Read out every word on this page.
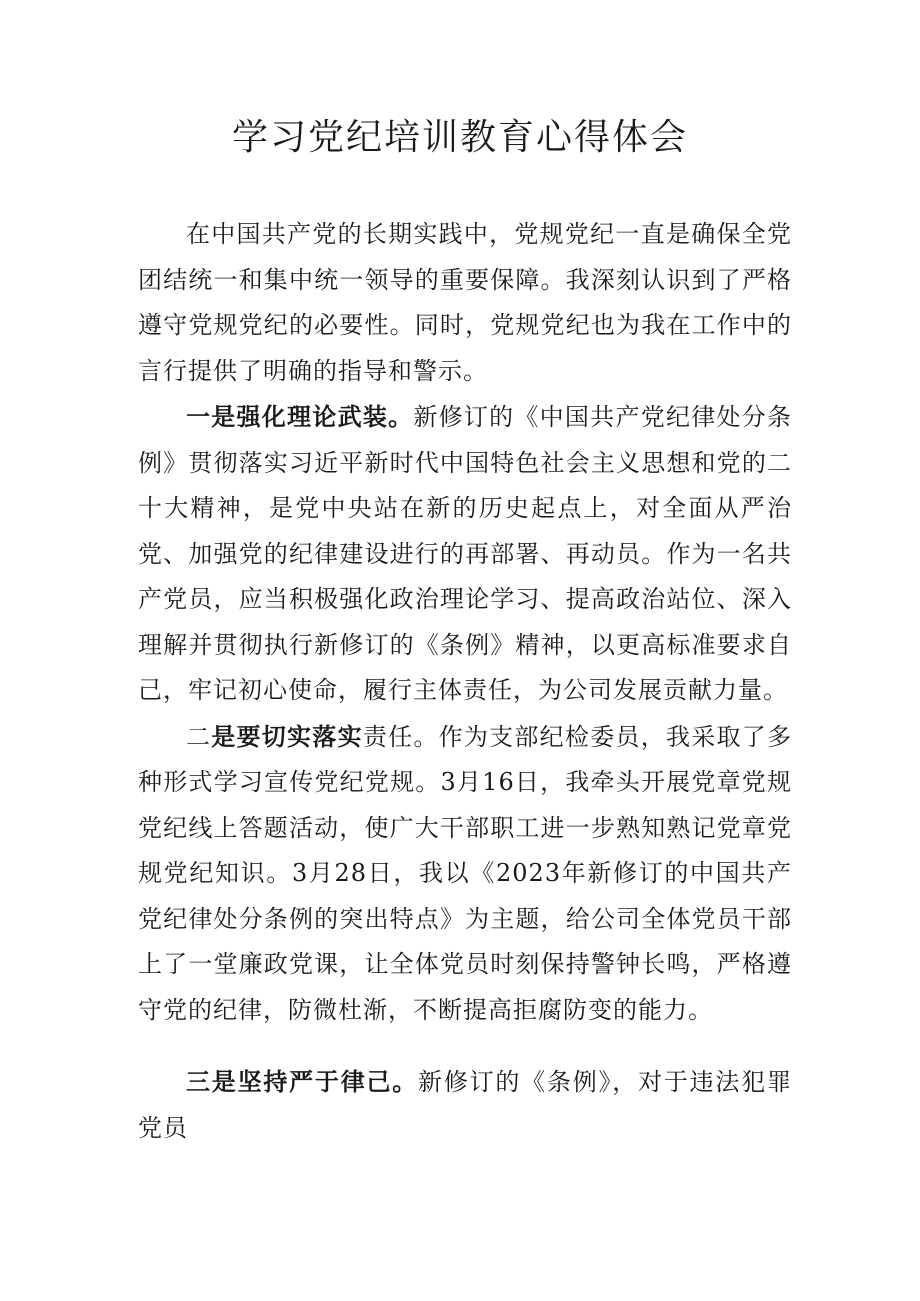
学习党纪培训教育心得体会

在中国共产党的长期实践中，党规党纪一直是确保全党团结统一和集中统一领导的重要保障。我深刻认识到了严格遵守党规党纪的必要性。同时，党规党纪也为我在工作中的言行提供了明确的指导和警示。

一是强化理论武装。新修订的《中国共产党纪律处分条例》贯彻落实习近平新时代中国特色社会主义思想和党的二十大精神，是党中央站在新的历史起点上，对全面从严治党、加强党的纪律建设进行的再部署、再动员。作为一名共产党员，应当积极强化政治理论学习、提高政治站位、深入理解并贯彻执行新修订的《条例》精神，以更高标准要求自己，牢记初心使命，履行主体责任，为公司发展贡献力量。

二是要切实落实责任。作为支部纪检委员，我采取了多种形式学习宣传党纪党规。3月16日，我牵头开展党章党规党纪线上答题活动，使广大干部职工进一步熟知熟记党章党规党纪知识。3月28日，我以《2023年新修订的中国共产党纪律处分条例的突出特点》为主题，给公司全体党员干部上了一堂廉政党课，让全体党员时刻保持警钟长鸣，严格遵守党的纪律，防微杜渐，不断提高拒腐防变的能力。

三是坚持严于律己。新修订的《条例》，对于违法犯罪党员
